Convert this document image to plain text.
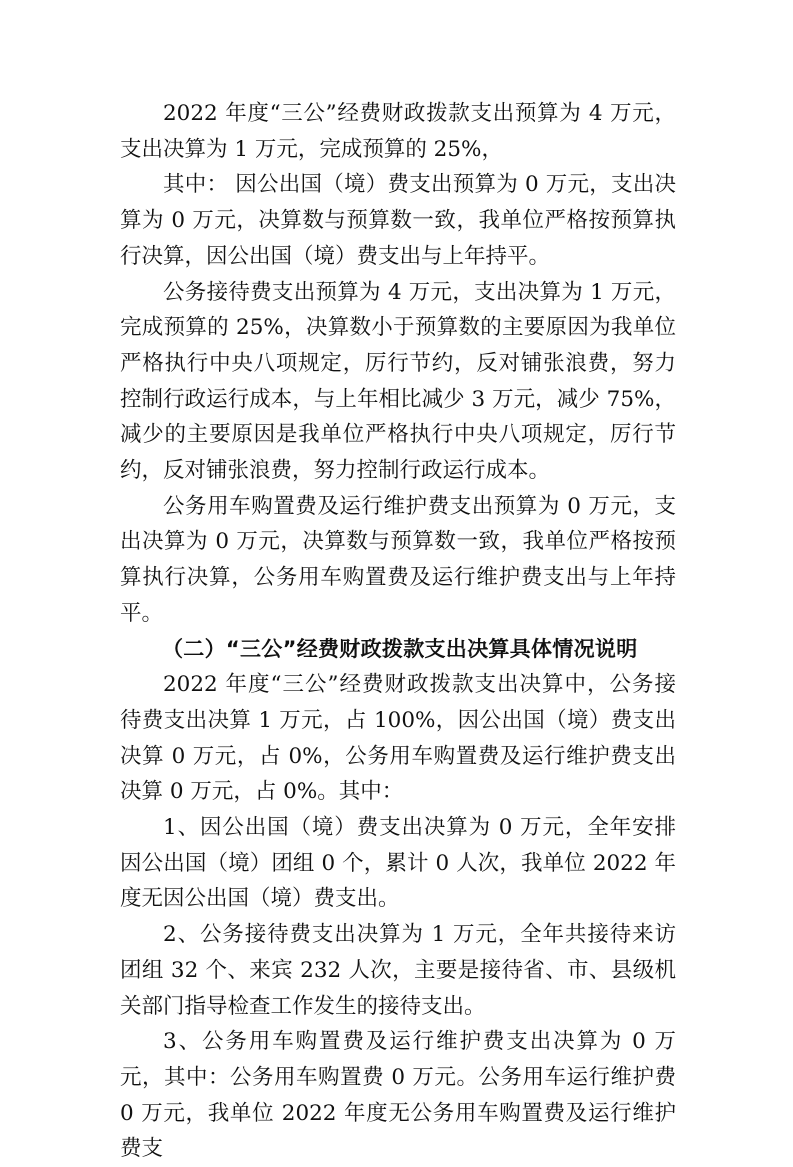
2022 年度“三公”经费财政拨款支出预算为 4 万元，支出决算为 1 万元，完成预算的 25%，

其中： 因公出国（境）费支出预算为 0 万元，支出决算为 0 万元，决算数与预算数一致，我单位严格按预算执行决算，因公出国（境）费支出与上年持平。

公务接待费支出预算为 4 万元，支出决算为 1 万元，完成预算的 25%，决算数小于预算数的主要原因为我单位严格执行中央八项规定，厉行节约，反对铺张浪费，努力控制行政运行成本，与上年相比减少 3 万元，减少 75%，减少的主要原因是我单位严格执行中央八项规定，厉行节约，反对铺张浪费，努力控制行政运行成本。

公务用车购置费及运行维护费支出预算为 0 万元，支出决算为 0 万元，决算数与预算数一致，我单位严格按预算执行决算，公务用车购置费及运行维护费支出与上年持平。

（二）“三公”经费财政拨款支出决算具体情况说明

2022 年度“三公”经费财政拨款支出决算中，公务接待费支出决算 1 万元，占 100%，因公出国（境）费支出决算 0 万元，占 0%，公务用车购置费及运行维护费支出决算 0 万元，占 0%。其中：

1、因公出国（境）费支出决算为 0 万元，全年安排因公出国（境）团组 0 个，累计 0 人次，我单位 2022 年度无因公出国（境）费支出。

2、公务接待费支出决算为 1 万元，全年共接待来访团组 32 个、来宾 232 人次，主要是接待省、市、县级机关部门指导检查工作发生的接待支出。

3、公务用车购置费及运行维护费支出决算为 0 万元，其中：公务用车购置费 0 万元。公务用车运行维护费 0 万元，我单位 2022 年度无公务用车购置费及运行维护费支
